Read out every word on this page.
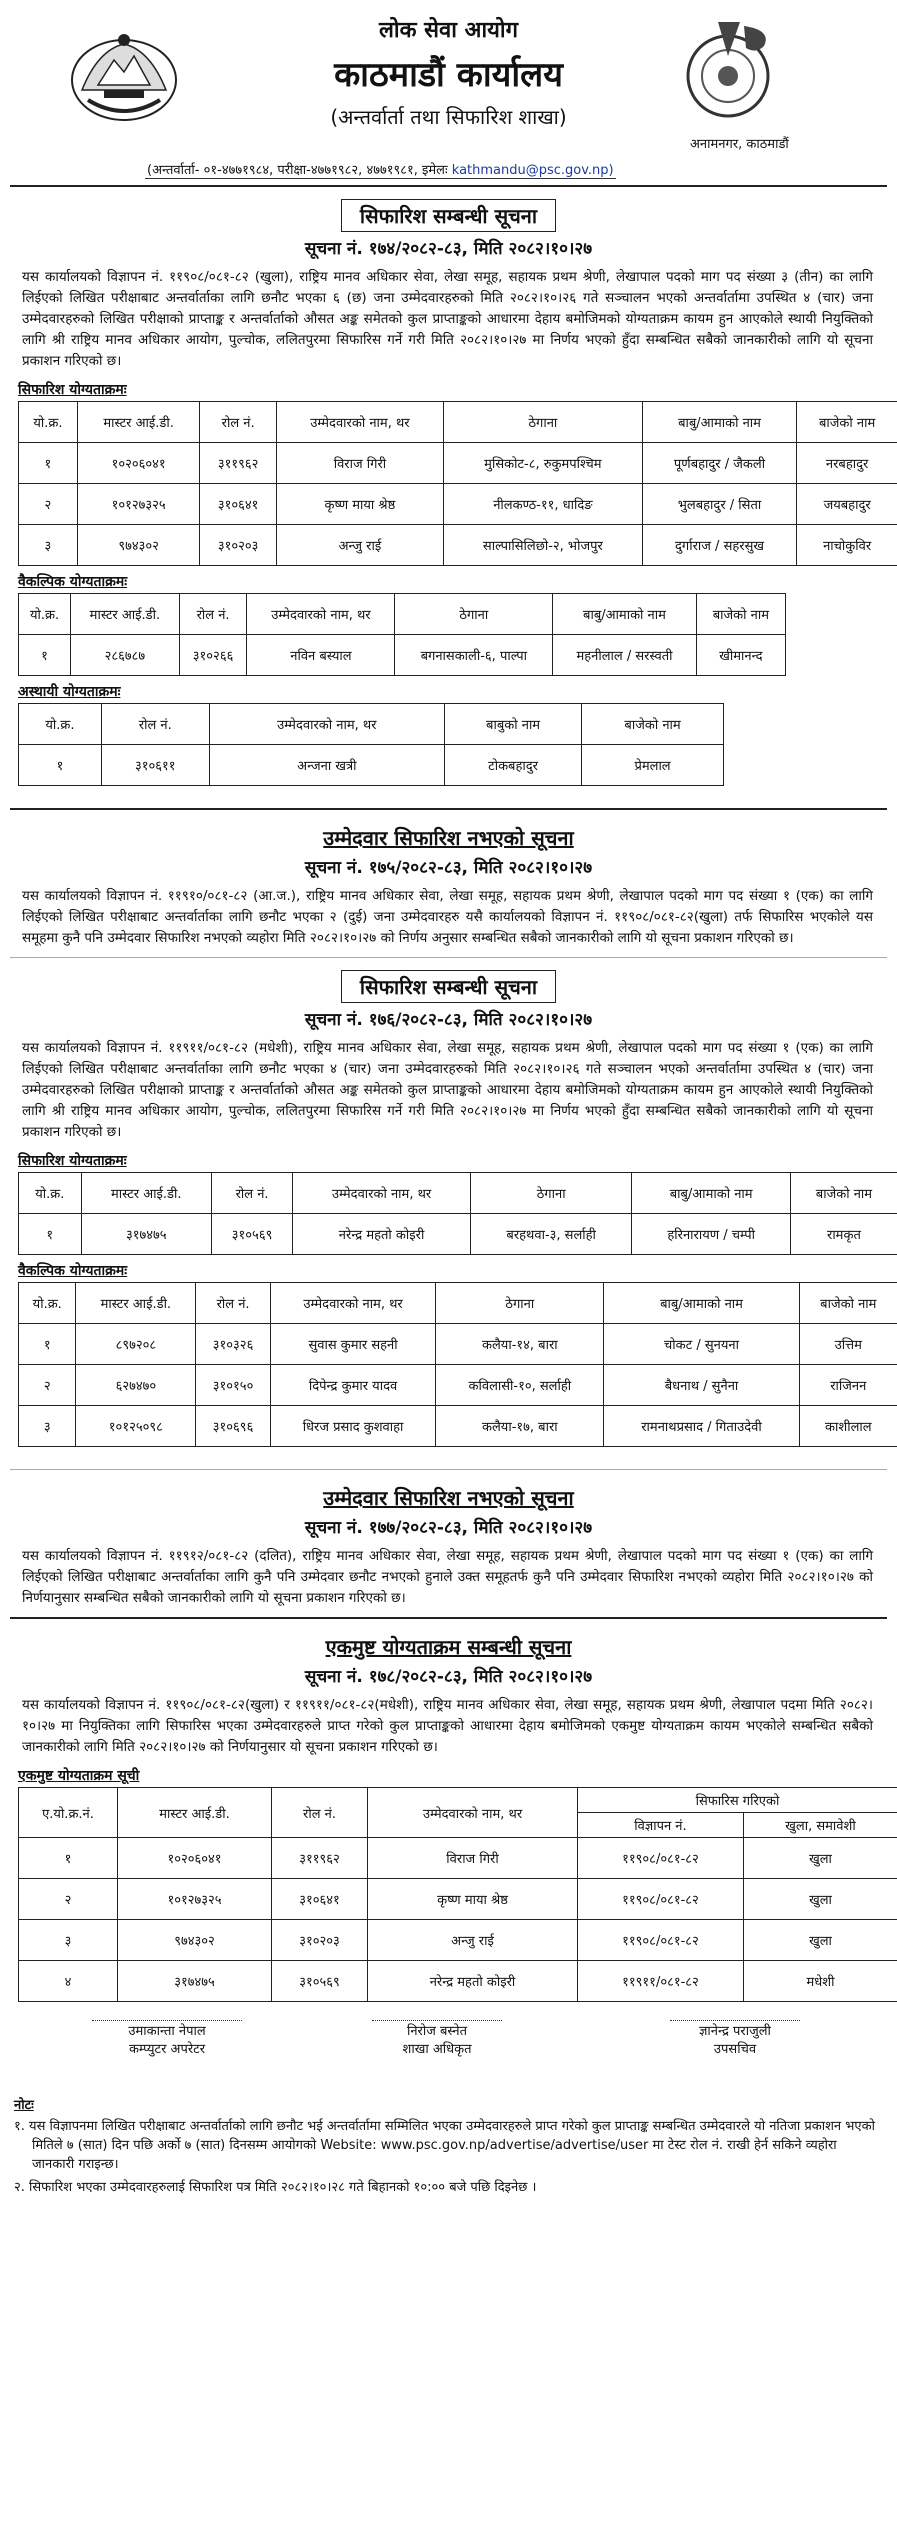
लोक सेवा आयोग
काठमाडौं कार्यालय
(अन्तर्वार्ता तथा सिफारिश शाखा)
अनामनगर, काठमाडौं
(अन्तर्वार्ता- ०१-४७७१९८४, परीक्षा-४७७१९८२, ४७७१९८१, इमेलः kathmandu@psc.gov.np)
सिफारिश सम्बन्धी सूचना
सूचना नं. १७४/२०८२-८३, मिति २०८२।१०।२७

यस कार्यालयको विज्ञापन नं. ११९०८/०८१-८२ (खुला), राष्ट्रिय मानव अधिकार सेवा, लेखा समूह, सहायक प्रथम श्रेणी, लेखापाल पदको माग पद संख्या ३ (तीन) का लागि लिईएको लिखित परीक्षाबाट अन्तर्वार्ताका लागि छनौट भएका ६ (छ) जना उम्मेदवारहरुको मिति २०८२।१०।२६ गते सञ्चालन भएको अन्तर्वार्तामा उपस्थित ४ (चार) जना उम्मेदवारहरुको लिखित परीक्षाको प्राप्ताङ्क र अन्तर्वार्ताको औसत अङ्क समेतको कुल प्राप्ताङ्कको आधारमा देहाय बमोजिमको योग्यताक्रम कायम हुन आएकोले स्थायी नियुक्तिको लागि श्री राष्ट्रिय मानव अधिकार आयोग, पुल्चोक, ललितपुरमा सिफारिस गर्ने गरी मिति २०८२।१०।२७ मा निर्णय भएको हुँदा सम्बन्धित सबैको जानकारीको लागि यो सूचना प्रकाशन गरिएको छ।

सिफारिश योग्यताक्रमः
यो.क्र.	मास्टर आई.डी.	रोल नं.	उम्मेदवारको नाम, थर	ठेगाना	बाबु/आमाको नाम	बाजेको नाम
१	१०२०६०४१	३११९६२	विराज गिरी	मुसिकोट-८, रुकुमपश्चिम	पूर्णबहादुर / जैकली	नरबहादुर
२	१०१२७३२५	३१०६४१	कृष्ण माया श्रेष्ठ	नीलकण्ठ-११, धादिङ	भुलबहादुर / सिता	जयबहादुर
३	९७४३०२	३१०२०३	अन्जु राई	साल्पासिलिछो-२, भोजपुर	दुर्गाराज / सहरसुख	नाचोकुविर
वैकल्पिक योग्यताक्रमः
यो.क्र.	मास्टर आई.डी.	रोल नं.	उम्मेदवारको नाम, थर	ठेगाना	बाबु/आमाको नाम	बाजेको नाम
१	२८६७८७	३१०२६६	नविन बस्याल	बगनासकाली-६, पाल्पा	महनीलाल / सरस्वती	खीमानन्द
अस्थायी योग्यताक्रमः
यो.क्र.	रोल नं.	उम्मेदवारको नाम, थर	बाबुको नाम	बाजेको नाम
१	३१०६११	अन्जना खत्री	टोकबहादुर	प्रेमलाल
उम्मेदवार सिफारिश नभएको सूचना
सूचना नं. १७५/२०८२-८३, मिति २०८२।१०।२७

यस कार्यालयको विज्ञापन नं. ११९१०/०८१-८२ (आ.ज.), राष्ट्रिय मानव अधिकार सेवा, लेखा समूह, सहायक प्रथम श्रेणी, लेखापाल पदको माग पद संख्या १ (एक) का लागि लिईएको लिखित परीक्षाबाट अन्तर्वार्ताका लागि छनौट भएका २ (दुई) जना उम्मेदवारहरु यसै कार्यालयको विज्ञापन नं. ११९०८/०८१-८२(खुला) तर्फ सिफारिस भएकोले यस समूहमा कुनै पनि उम्मेदवार सिफारिश नभएको व्यहोरा मिति २०८२।१०।२७ को निर्णय अनुसार सम्बन्धित सबैको जानकारीको लागि यो सूचना प्रकाशन गरिएको छ।

सिफारिश सम्बन्धी सूचना
सूचना नं. १७६/२०८२-८३, मिति २०८२।१०।२७

यस कार्यालयको विज्ञापन नं. ११९११/०८१-८२ (मधेशी), राष्ट्रिय मानव अधिकार सेवा, लेखा समूह, सहायक प्रथम श्रेणी, लेखापाल पदको माग पद संख्या १ (एक) का लागि लिईएको लिखित परीक्षाबाट अन्तर्वार्ताका लागि छनौट भएका ४ (चार) जना उम्मेदवारहरुको मिति २०८२।१०।२६ गते सञ्चालन भएको अन्तर्वार्तामा उपस्थित ४ (चार) जना उम्मेदवारहरुको लिखित परीक्षाको प्राप्ताङ्क र अन्तर्वार्ताको औसत अङ्क समेतको कुल प्राप्ताङ्कको आधारमा देहाय बमोजिमको योग्यताक्रम कायम हुन आएकोले स्थायी नियुक्तिको लागि श्री राष्ट्रिय मानव अधिकार आयोग, पुल्चोक, ललितपुरमा सिफारिस गर्ने गरी मिति २०८२।१०।२७ मा निर्णय भएको हुँदा सम्बन्धित सबैको जानकारीको लागि यो सूचना प्रकाशन गरिएको छ।

सिफारिश योग्यताक्रमः
यो.क्र.	मास्टर आई.डी.	रोल नं.	उम्मेदवारको नाम, थर	ठेगाना	बाबु/आमाको नाम	बाजेको नाम
१	३१७४७५	३१०५६९	नरेन्द्र महतो कोइरी	बरहथवा-३, सर्लाही	हरिनारायण / चम्पी	रामकृत
वैकल्पिक योग्यताक्रमः
यो.क्र.	मास्टर आई.डी.	रोल नं.	उम्मेदवारको नाम, थर	ठेगाना	बाबु/आमाको नाम	बाजेको नाम
१	८९७२०८	३१०३२६	सुवास कुमार सहनी	कलैया-१४, बारा	चोकट / सुनयना	उत्तिम
२	६२७४७०	३१०१५०	दिपेन्द्र कुमार यादव	कविलासी-१०, सर्लाही	बैधनाथ / सुनैना	राजिनन
३	१०१२५०९८	३१०६९६	धिरज प्रसाद कुशवाहा	कलैया-१७, बारा	रामनाथप्रसाद / गिताउदेवी	काशीलाल
उम्मेदवार सिफारिश नभएको सूचना
सूचना नं. १७७/२०८२-८३, मिति २०८२।१०।२७

यस कार्यालयको विज्ञापन नं. ११९१२/०८१-८२ (दलित), राष्ट्रिय मानव अधिकार सेवा, लेखा समूह, सहायक प्रथम श्रेणी, लेखापाल पदको माग पद संख्या १ (एक) का लागि लिईएको लिखित परीक्षाबाट अन्तर्वार्ताका लागि कुनै पनि उम्मेदवार छनौट नभएको हुनाले उक्त समूहतर्फ कुनै पनि उम्मेदवार सिफारिश नभएको व्यहोरा मिति २०८२।१०।२७ को निर्णयानुसार सम्बन्धित सबैको जानकारीको लागि यो सूचना प्रकाशन गरिएको छ।

एकमुष्ट योग्यताक्रम सम्बन्धी सूचना
सूचना नं. १७८/२०८२-८३, मिति २०८२।१०।२७

यस कार्यालयको विज्ञापन नं. ११९०८/०८१-८२(खुला) र ११९११/०८१-८२(मधेशी), राष्ट्रिय मानव अधिकार सेवा, लेखा समूह, सहायक प्रथम श्रेणी, लेखापाल पदमा मिति २०८२।१०।२७ मा नियुक्तिका लागि सिफारिस भएका उम्मेदवारहरुले प्राप्त गरेको कुल प्राप्ताङ्कको आधारमा देहाय बमोजिमको एकमुष्ट योग्यताक्रम कायम भएकोले सम्बन्धित सबैको जानकारीको लागि मिति २०८२।१०।२७ को निर्णयानुसार यो सूचना प्रकाशन गरिएको छ।

एकमुष्ट योग्यताक्रम सूची
ए.यो.क्र.नं.	मास्टर आई.डी.	रोल नं.	उम्मेदवारको नाम, थर	सिफारिस गरिएको	
				विज्ञापन नं.	खुला, समावेशी
१	१०२०६०४१	३११९६२	विराज गिरी	११९०८/०८१-८२	खुला
२	१०१२७३२५	३१०६४१	कृष्ण माया श्रेष्ठ	११९०८/०८१-८२	खुला
३	९७४३०२	३१०२०३	अन्जु राई	११९०८/०८१-८२	खुला
४	३१७४७५	३१०५६९	नरेन्द्र महतो कोइरी	११९११/०८१-८२	मधेशी
उमाकान्ता नेपाल
कम्प्युटर अपरेटर
निरोज बस्नेत
शाखा अधिकृत
ज्ञानेन्द्र पराजुली
उपसचिव
नोटः

१. यस विज्ञापनमा लिखित परीक्षाबाट अन्तर्वार्ताको लागि छनौट भई अन्तर्वार्तामा सम्मिलित भएका उम्मेदवारहरुले प्राप्त गरेको कुल प्राप्ताङ्क सम्बन्धित उम्मेदवारले यो नतिजा प्रकाशन भएको मितिले ७ (सात) दिन पछि अर्को ७ (सात) दिनसम्म आयोगको Website: www.psc.gov.np/advertise/advertise/user मा टेस्ट रोल नं. राखी हेर्न सकिने व्यहोरा जानकारी गराइन्छ।

२. सिफारिश भएका उम्मेदवारहरुलाई सिफारिश पत्र मिति २०८२।१०।२८ गते बिहानको १०:०० बजे पछि दिइनेछ ।
